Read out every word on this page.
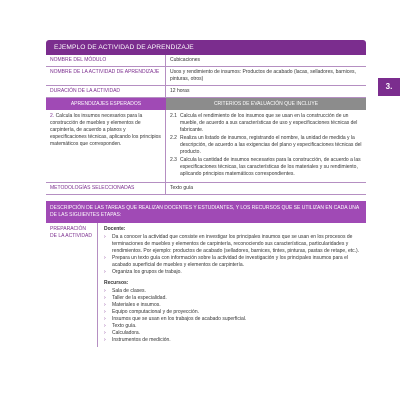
EJEMPLO DE ACTIVIDAD DE APRENDIZAJE
NOMBRE DEL MÓDULO	Cubicaciones
NOMBRE DE LA ACTIVIDAD DE APRENDIZAJE	Usos y rendimiento de insumos: Productos de acabado (lacas, selladores, barnices, pinturas, otros)
DURACIÓN DE LA ACTIVIDAD	12 horas
APRENDIZAJES ESPERADOS	CRITERIOS DE EVALUACIÓN QUE INCLUYE
2. Calcula los insumos necesarios para la construcción de muebles y elementos de carpintería, de acuerdo a planos y especificaciones técnicas, aplicando los principios matemáticos que corresponden.
2.1 Calcula el rendimiento de los insumos que se usan en la construcción de un mueble, de acuerdo a sus características de uso y especificaciones técnicas del fabricante.
2.2 Realiza un listado de insumos, registrando el nombre, la unidad de medida y la descripción, de acuerdo a las exigencias del plano y especificaciones técnicas del producto.
2.3 Calcula la cantidad de insumos necesarios para la construcción, de acuerdo a las especificaciones técnicas, las características de los materiales y su rendimiento, aplicando principios matemáticos correspondientes.
METODOLOGÍAS SELECCIONADAS	Texto guía
DESCRIPCIÓN DE LAS TAREAS QUE REALIZAN DOCENTES Y ESTUDIANTES, Y LOS RECURSOS QUE SE UTILIZAN EN CADA UNA DE LAS SIGUIENTES ETAPAS:
PREPARACIÓN DE LA ACTIVIDAD
Docente:
›	Da a conocer la actividad que consiste en investigar los principales insumos que se usan en los procesos de terminaciones de muebles y elementos de carpintería, reconociendo sus características, particularidades y rendimientos. Por ejemplo: productos de acabado (selladores, barnices, tintes, pinturas, pastas de retape, etc.).
›	Prepara un texto guía con información sobre la actividad de investigación y los principales insumos para el acabado superficial de muebles y elementos de carpintería.
›	Organiza los grupos de trabajo.
Recursos:
›	Sala de clases.
›	Taller de la especialidad.
›	Materiales e insumos.
›	Equipo computacional y de proyección.
›	Insumos que se usan en los trabajos de acabado superficial.
›	Texto guía.
›	Calculadora.
›	Instrumentos de medición.
3.
